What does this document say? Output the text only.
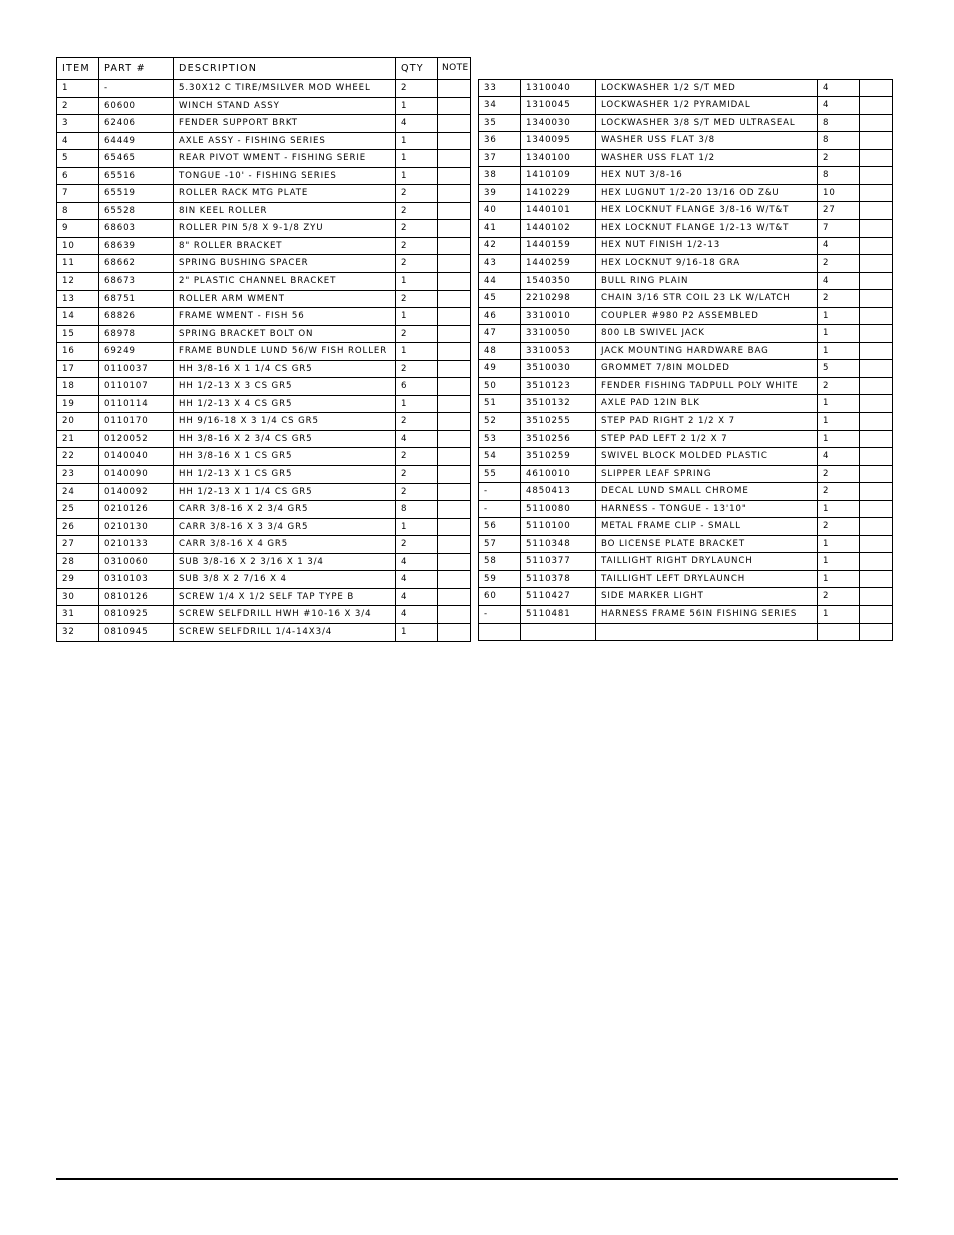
ITEM	PART #	DESCRIPTION	QTY	NOTE
1	-	5.30X12 C TIRE/MSILVER MOD WHEEL	2	
2	60600	WINCH STAND ASSY	1	
3	62406	FENDER SUPPORT BRKT	4	
4	64449	AXLE ASSY - FISHING SERIES	1	
5	65465	REAR PIVOT WMENT - FISHING SERIE	1	
6	65516	TONGUE -10' - FISHING SERIES	1	
7	65519	ROLLER RACK MTG PLATE	2	
8	65528	8IN KEEL ROLLER	2	
9	68603	ROLLER PIN 5/8 X 9-1/8 ZYU	2	
10	68639	8" ROLLER BRACKET	2	
11	68662	SPRING BUSHING SPACER	2	
12	68673	2" PLASTIC CHANNEL BRACKET	1	
13	68751	ROLLER ARM WMENT	2	
14	68826	FRAME WMENT - FISH 56	1	
15	68978	SPRING BRACKET BOLT ON	2	
16	69249	FRAME BUNDLE LUND 56/W FISH ROLLER	1	
17	0110037	HH 3/8-16 X 1 1/4 CS GR5	2	
18	0110107	HH 1/2-13 X 3 CS GR5	6	
19	0110114	HH 1/2-13 X 4 CS GR5	1	
20	0110170	HH 9/16-18 X 3 1/4 CS GR5	2	
21	0120052	HH 3/8-16 X 2 3/4 CS GR5	4	
22	0140040	HH 3/8-16 X 1 CS GR5	2	
23	0140090	HH 1/2-13 X 1 CS GR5	2	
24	0140092	HH 1/2-13 X 1 1/4 CS GR5	2	
25	0210126	CARR 3/8-16 X 2 3/4 GR5	8	
26	0210130	CARR 3/8-16 X 3 3/4 GR5	1	
27	0210133	CARR 3/8-16 X 4 GR5	2	
28	0310060	SUB 3/8-16 X 2 3/16 X 1 3/4	4	
29	0310103	SUB 3/8 X 2 7/16 X 4	4	
30	0810126	SCREW 1/4 X 1/2 SELF TAP TYPE B	4	
31	0810925	SCREW SELFDRILL HWH #10-16 X 3/4	4	
32	0810945	SCREW SELFDRILL 1/4-14X3/4	1	
33	1310040	LOCKWASHER 1/2 S/T MED	4	
34	1310045	LOCKWASHER 1/2 PYRAMIDAL	4	
35	1340030	LOCKWASHER 3/8 S/T MED ULTRASEAL	8	
36	1340095	WASHER USS FLAT 3/8	8	
37	1340100	WASHER USS FLAT 1/2	2	
38	1410109	HEX NUT 3/8-16	8	
39	1410229	HEX LUGNUT 1/2-20 13/16 OD Z&U	10	
40	1440101	HEX LOCKNUT FLANGE 3/8-16 W/T&T	27	
41	1440102	HEX LOCKNUT FLANGE 1/2-13 W/T&T	7	
42	1440159	HEX NUT FINISH 1/2-13	4	
43	1440259	HEX LOCKNUT 9/16-18 GRA	2	
44	1540350	BULL RING PLAIN	4	
45	2210298	CHAIN 3/16 STR COIL 23 LK W/LATCH	2	
46	3310010	COUPLER #980 P2 ASSEMBLED	1	
47	3310050	800 LB SWIVEL JACK	1	
48	3310053	JACK MOUNTING HARDWARE BAG	1	
49	3510030	GROMMET 7/8IN MOLDED	5	
50	3510123	FENDER FISHING TADPULL POLY WHITE	2	
51	3510132	AXLE PAD 12IN BLK	1	
52	3510255	STEP PAD RIGHT 2 1/2 X 7	1	
53	3510256	STEP PAD LEFT 2 1/2 X 7	1	
54	3510259	SWIVEL BLOCK MOLDED PLASTIC	4	
55	4610010	SLIPPER LEAF SPRING	2	
-	4850413	DECAL LUND SMALL CHROME	2	
-	5110080	HARNESS - TONGUE - 13'10"	1	
56	5110100	METAL FRAME CLIP - SMALL	2	
57	5110348	BO LICENSE PLATE BRACKET	1	
58	5110377	TAILLIGHT RIGHT DRYLAUNCH	1	
59	5110378	TAILLIGHT LEFT DRYLAUNCH	1	
60	5110427	SIDE MARKER LIGHT	2	
-	5110481	HARNESS FRAME 56IN FISHING SERIES	1	
